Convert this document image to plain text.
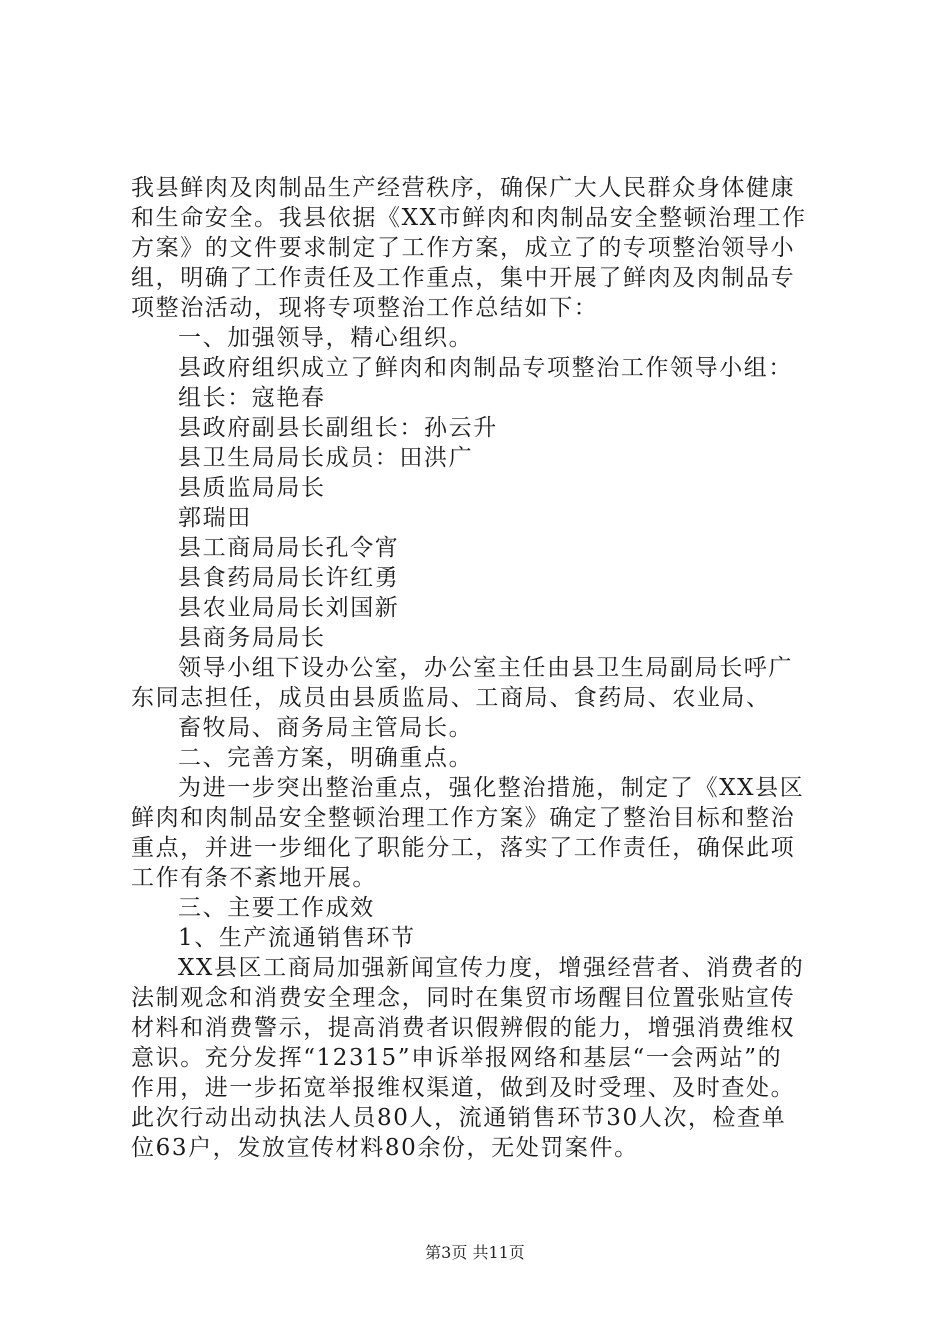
我县鲜肉及肉制品生产经营秩序，确保广大人民群众身体健康
和生命安全。我县依据《XX市鲜肉和肉制品安全整顿治理工作
方案》的文件要求制定了工作方案，成立了的专项整治领导小
组，明确了工作责任及工作重点，集中开展了鲜肉及肉制品专
项整治活动，现将专项整治工作总结如下：
一、加强领导，精心组织。
县政府组织成立了鲜肉和肉制品专项整治工作领导小组：
组长：寇艳春
县政府副县长副组长：孙云升
县卫生局局长成员：田洪广
县质监局局长
郭瑞田
县工商局局长孔令宵
县食药局局长许红勇
县农业局局长刘国新
县商务局局长
领导小组下设办公室，办公室主任由县卫生局副局长呼广
东同志担任，成员由县质监局、工商局、食药局、农业局、
畜牧局、商务局主管局长。
二、完善方案，明确重点。
为进一步突出整治重点，强化整治措施，制定了《XX县区
鲜肉和肉制品安全整顿治理工作方案》确定了整治目标和整治
重点，并进一步细化了职能分工，落实了工作责任，确保此项
工作有条不紊地开展。
三、主要工作成效
1、生产流通销售环节
XX县区工商局加强新闻宣传力度，增强经营者、消费者的
法制观念和消费安全理念，同时在集贸市场醒目位置张贴宣传
材料和消费警示，提高消费者识假辨假的能力，增强消费维权
意识。充分发挥“12315”申诉举报网络和基层“一会两站”的
作用，进一步拓宽举报维权渠道，做到及时受理、及时查处。
此次行动出动执法人员80人，流通销售环节30人次，检查单
位63户，发放宣传材料80余份，无处罚案件。
第3页 共11页
